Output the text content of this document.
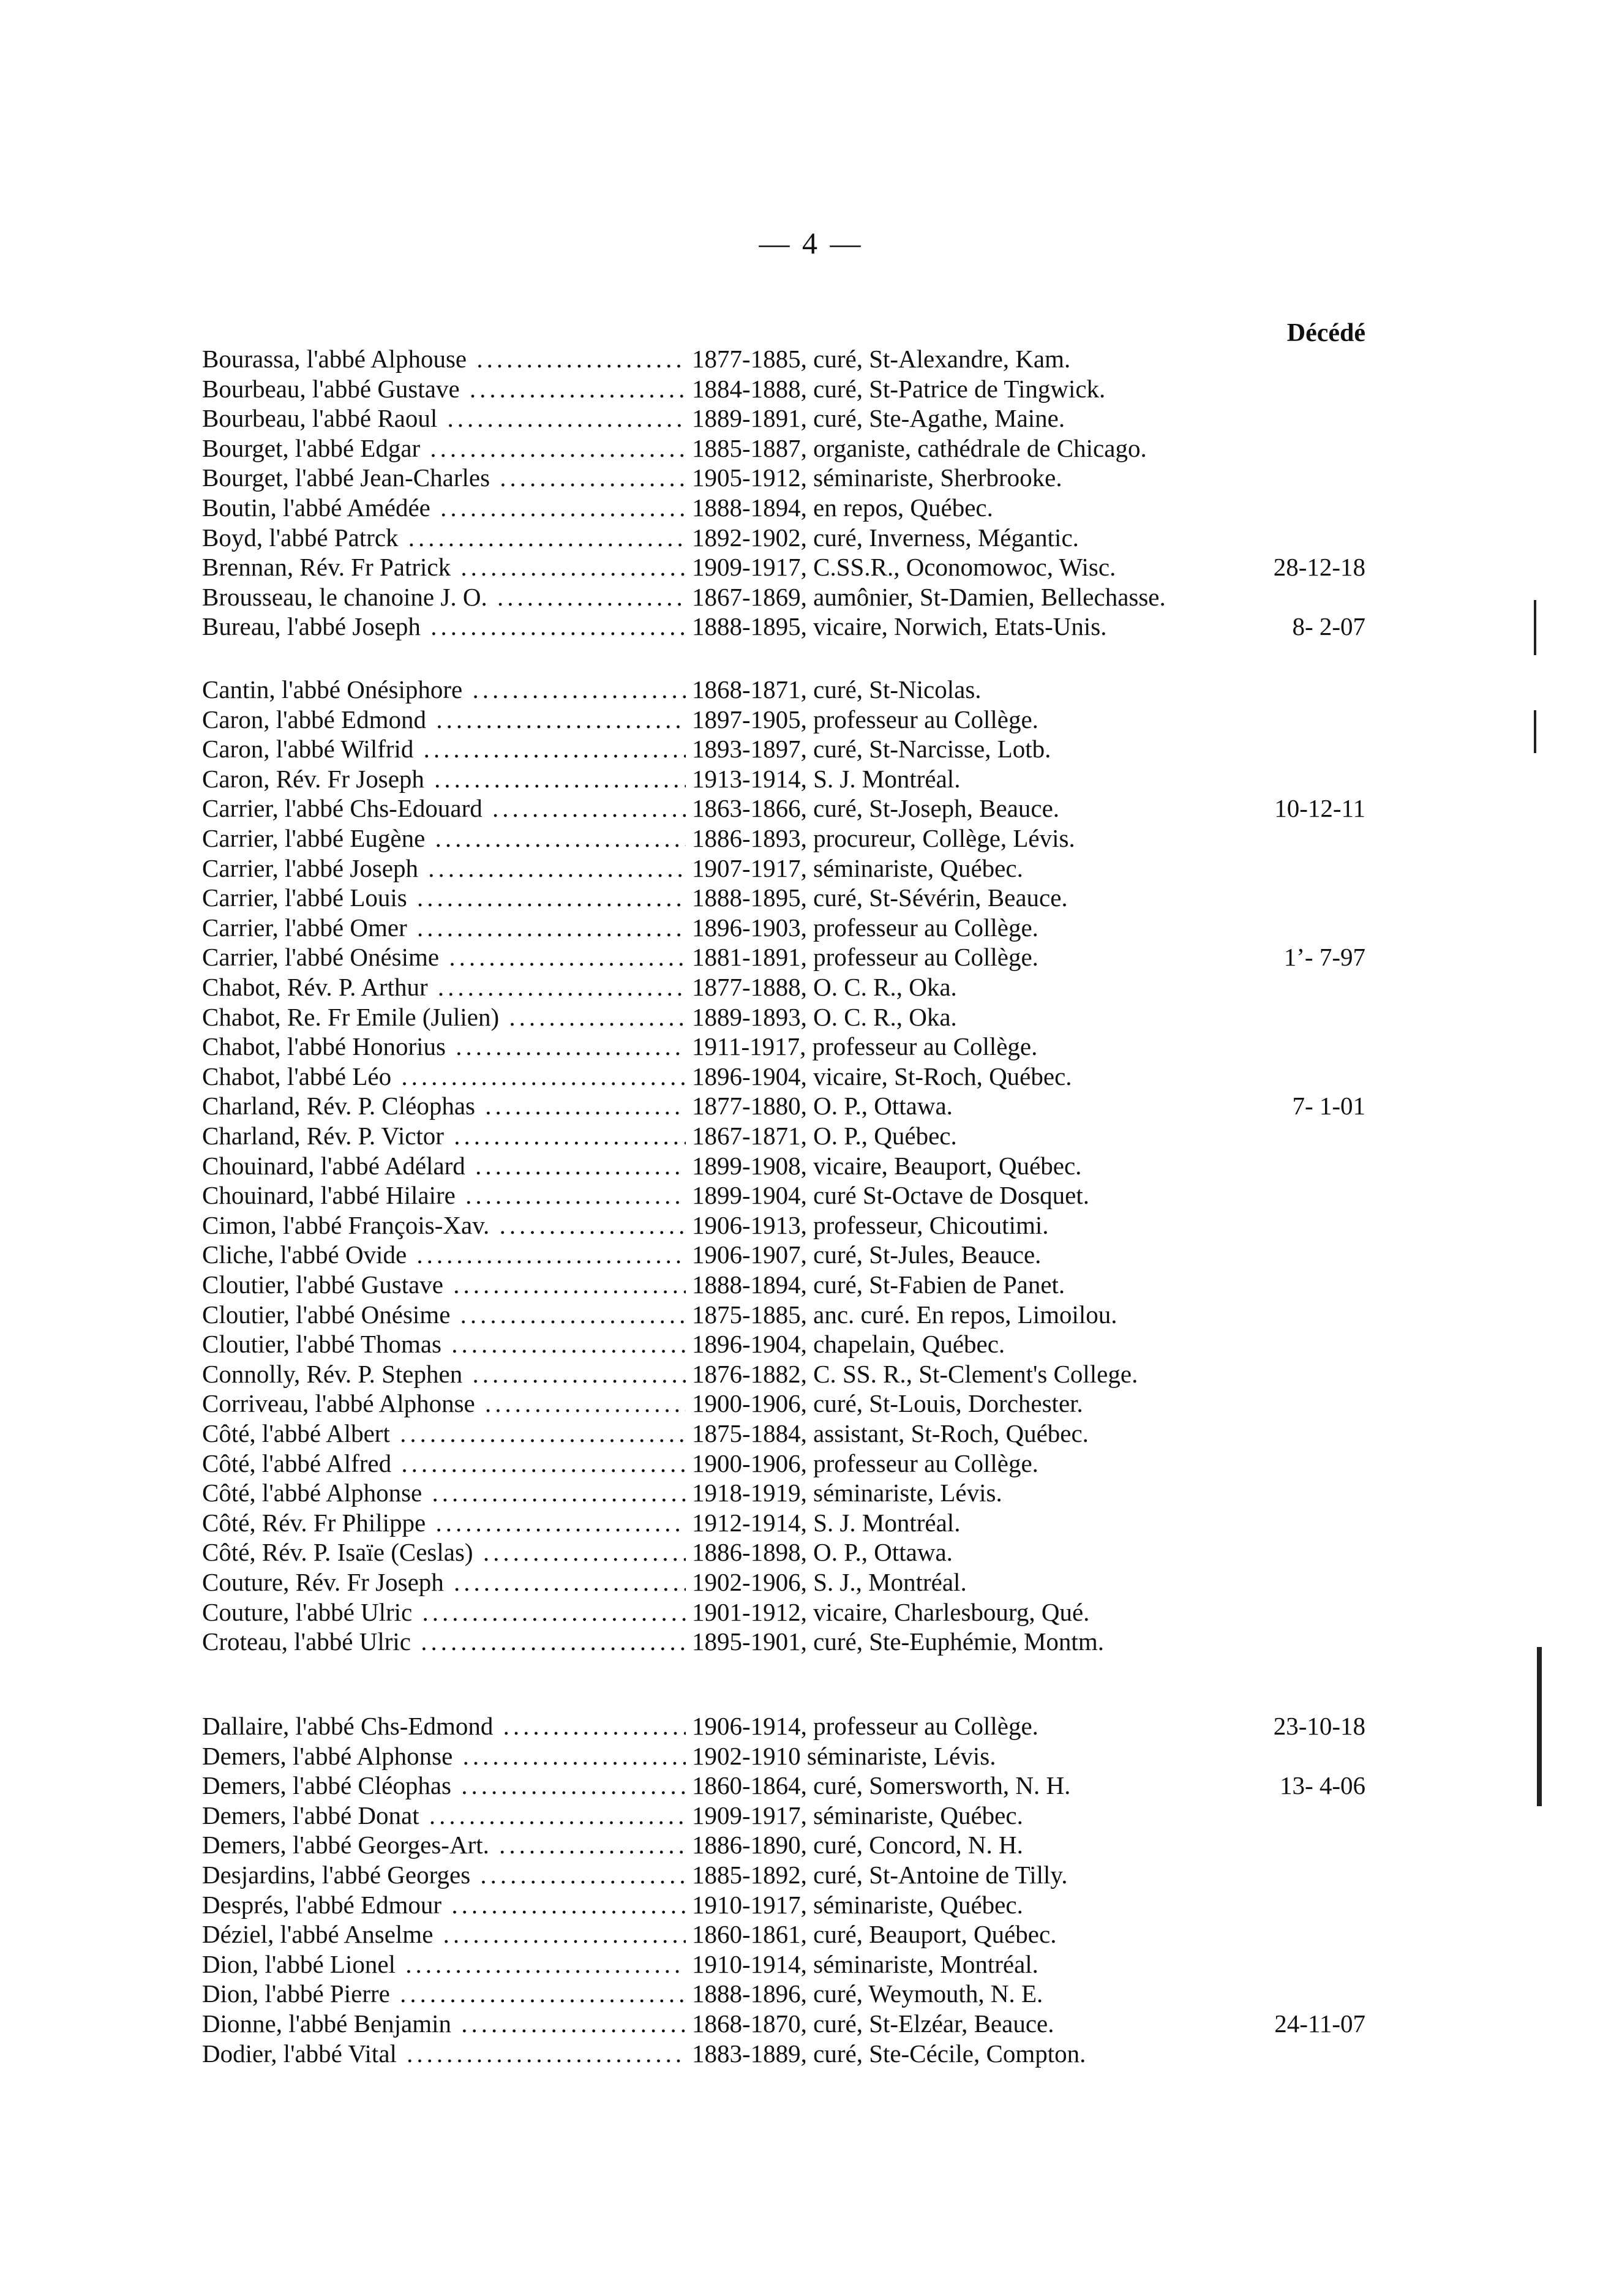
— 4 —
Décédé
Bourassa, l'abbé Alphouse .....	1877-1885, curé, St-Alexandre, Kam.
Bourbeau, l'abbé Gustave .....	1884-1888, curé, St-Patrice de Tingwick.
Bourbeau, l'abbé Raoul .....	1889-1891, curé, Ste-Agathe, Maine.
Bourget, l'abbé Edgar .....	1885-1887, organiste, cathédrale de Chicago.
Bourget, l'abbé Jean-Charles .....	1905-1912, séminariste, Sherbrooke.
Boutin, l'abbé Amédée .....	1888-1894, en repos, Québec.
Boyd, l'abbé Patrck .....	1892-1902, curé, Inverness, Mégantic.
Brennan, Rév. Fr Patrick .....	1909-1917, C.SS.R., Oconomowoc, Wisc.	28-12-18
Brousseau, le chanoine J. O. .....	1867-1869, aumônier, St-Damien, Bellechasse.
Bureau, l'abbé Joseph .....	1888-1895, vicaire, Norwich, Etats-Unis.	8- 2-07
Cantin, l'abbé Onésiphore .....	1868-1871, curé, St-Nicolas.
Caron, l'abbé Edmond .....	1897-1905, professeur au Collège.
Caron, l'abbé Wilfrid .....	1893-1897, curé, St-Narcisse, Lotb.
Caron, Rév. Fr Joseph .....	1913-1914, S. J. Montréal.
Carrier, l'abbé Chs-Edouard .....	1863-1866, curé, St-Joseph, Beauce.	10-12-11
Carrier, l'abbé Eugène .....	1886-1893, procureur, Collège, Lévis.
Carrier, l'abbé Joseph .....	1907-1917, séminariste, Québec.
Carrier, l'abbé Louis .....	1888-1895, curé, St-Sévérin, Beauce.
Carrier, l'abbé Omer .....	1896-1903, professeur au Collège.
Carrier, l'abbé Onésime .....	1881-1891, professeur au Collège.	1’- 7-97
Chabot, Rév. P. Arthur .....	1877-1888, O. C. R., Oka.
Chabot, Re. Fr Emile (Julien) .....	1889-1893, O. C. R., Oka.
Chabot, l'abbé Honorius .....	1911-1917, professeur au Collège.
Chabot, l'abbé Léo .....	1896-1904, vicaire, St-Roch, Québec.
Charland, Rév. P. Cléophas .....	1877-1880, O. P., Ottawa.	7- 1-01
Charland, Rév. P. Victor .....	1867-1871, O. P., Québec.
Chouinard, l'abbé Adélard .....	1899-1908, vicaire, Beauport, Québec.
Chouinard, l'abbé Hilaire .....	1899-1904, curé St-Octave de Dosquet.
Cimon, l'abbé François-Xav. .....	1906-1913, professeur, Chicoutimi.
Cliche, l'abbé Ovide .....	1906-1907, curé, St-Jules, Beauce.
Cloutier, l'abbé Gustave .....	1888-1894, curé, St-Fabien de Panet.
Cloutier, l'abbé Onésime .....	1875-1885, anc. curé. En repos, Limoilou.
Cloutier, l'abbé Thomas .....	1896-1904, chapelain, Québec.
Connolly, Rév. P. Stephen .....	1876-1882, C. SS. R., St-Clement's College.
Corriveau, l'abbé Alphonse .....	1900-1906, curé, St-Louis, Dorchester.
Côté, l'abbé Albert .....	1875-1884, assistant, St-Roch, Québec.
Côté, l'abbé Alfred .....	1900-1906, professeur au Collège.
Côté, l'abbé Alphonse .....	1918-1919, séminariste, Lévis.
Côté, Rév. Fr Philippe .....	1912-1914, S. J. Montréal.
Côté, Rév. P. Isaïe (Ceslas) .....	1886-1898, O. P., Ottawa.
Couture, Rév. Fr Joseph .....	1902-1906, S. J., Montréal.
Couture, l'abbé Ulric .....	1901-1912, vicaire, Charlesbourg, Qué.
Croteau, l'abbé Ulric .....	1895-1901, curé, Ste-Euphémie, Montm.
Dallaire, l'abbé Chs-Edmond .....	1906-1914, professeur au Collège.	23-10-18
Demers, l'abbé Alphonse .....	1902-1910 séminariste, Lévis.
Demers, l'abbé Cléophas .....	1860-1864, curé, Somersworth, N. H.	13- 4-06
Demers, l'abbé Donat .....	1909-1917, séminariste, Québec.
Demers, l'abbé Georges-Art. .....	1886-1890, curé, Concord, N. H.
Desjardins, l'abbé Georges .....	1885-1892, curé, St-Antoine de Tilly.
Després, l'abbé Edmour .....	1910-1917, séminariste, Québec.
Déziel, l'abbé Anselme .....	1860-1861, curé, Beauport, Québec.
Dion, l'abbé Lionel .....	1910-1914, séminariste, Montréal.
Dion, l'abbé Pierre .....	1888-1896, curé, Weymouth, N. E.
Dionne, l'abbé Benjamin .....	1868-1870, curé, St-Elzéar, Beauce.	24-11-07
Dodier, l'abbé Vital .....	1883-1889, curé, Ste-Cécile, Compton.
